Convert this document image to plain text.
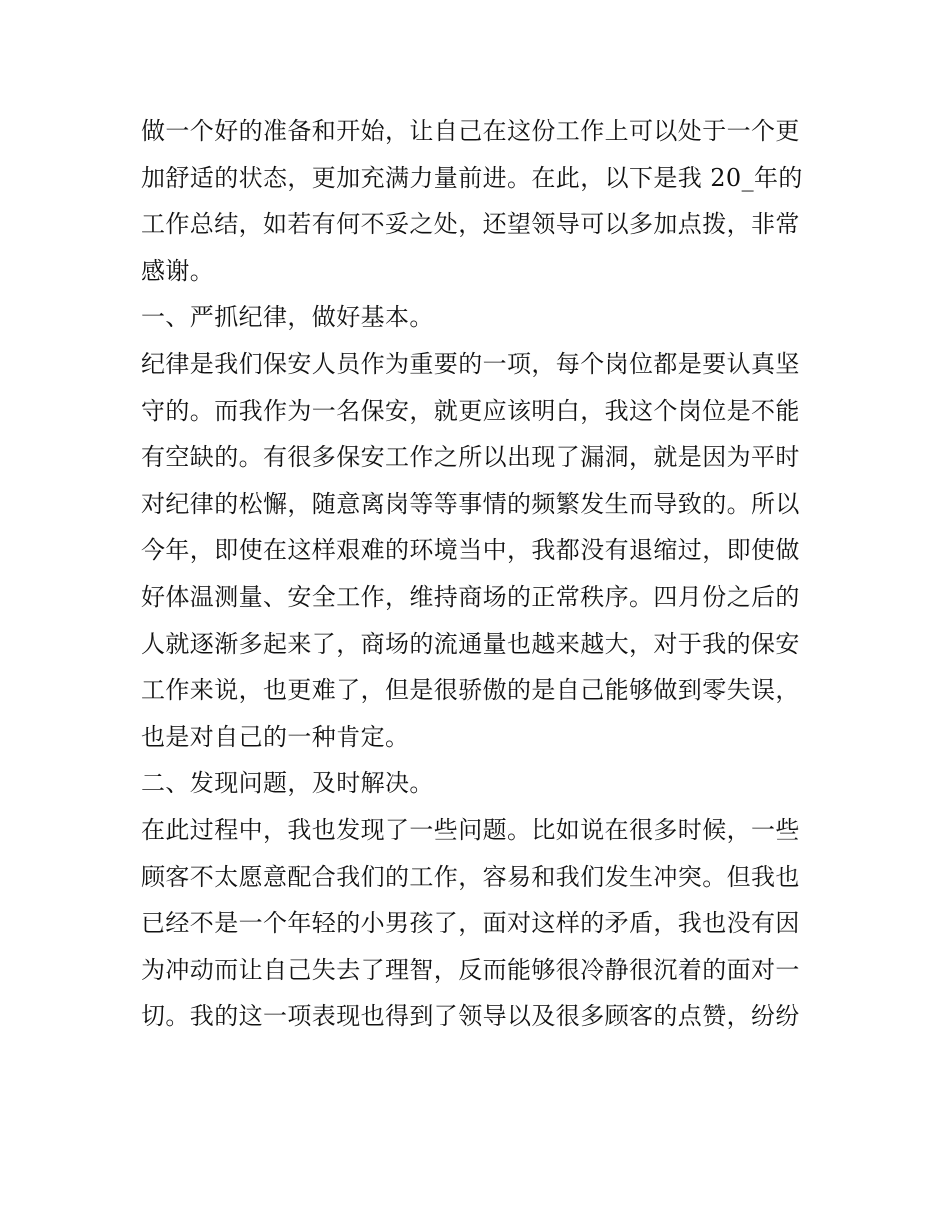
做一个好的准备和开始，让自己在这份工作上可以处于一个更
加舒适的状态，更加充满力量前进。在此，以下是我 20_年的
工作总结，如若有何不妥之处，还望领导可以多加点拨，非常
感谢。
一、严抓纪律，做好基本。
纪律是我们保安人员作为重要的一项，每个岗位都是要认真坚
守的。而我作为一名保安，就更应该明白，我这个岗位是不能
有空缺的。有很多保安工作之所以出现了漏洞，就是因为平时
对纪律的松懈，随意离岗等等事情的频繁发生而导致的。所以
今年，即使在这样艰难的环境当中，我都没有退缩过，即使做
好体温测量、安全工作，维持商场的正常秩序。四月份之后的
人就逐渐多起来了，商场的流通量也越来越大，对于我的保安
工作来说，也更难了，但是很骄傲的是自己能够做到零失误，
也是对自己的一种肯定。
二、发现问题，及时解决。
在此过程中，我也发现了一些问题。比如说在很多时候，一些
顾客不太愿意配合我们的工作，容易和我们发生冲突。但我也
已经不是一个年轻的小男孩了，面对这样的矛盾，我也没有因
为冲动而让自己失去了理智，反而能够很冷静很沉着的面对一
切。我的这一项表现也得到了领导以及很多顾客的点赞，纷纷
